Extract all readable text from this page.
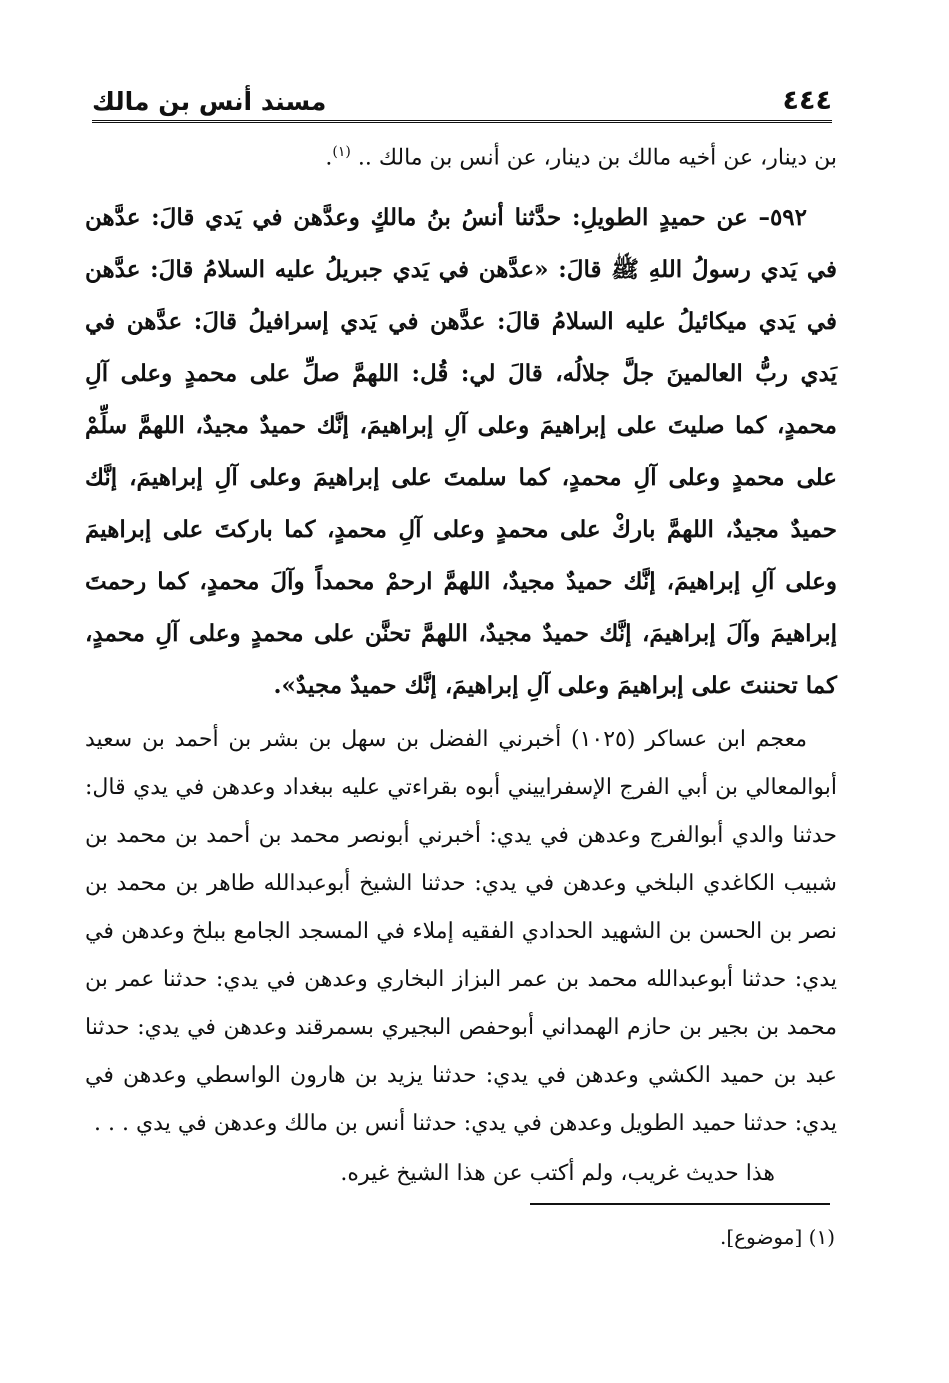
٤٤٤
مسند أنس بن مالك

بن دينار، عن أخيه مالك بن دينار، عن أنس بن مالك .. $^{(١)}$.

٥٩٢– عن حميدٍ الطويلِ: حدَّثنا أنسُ بنُ مالكٍ وعدَّهن في يَدي قالَ: عدَّهن في يَدي رسولُ اللهِ ﷺ قالَ: «عدَّهن في يَدي جبريلُ عليه السلامُ قالَ: عدَّهن في يَدي ميكائيلُ عليه السلامُ قالَ: عدَّهن في يَدي إسرافيلُ قالَ: عدَّهن في يَدي ربُّ العالمينَ جلَّ جلالُه، قالَ لي: قُل: اللهمَّ صلِّ على محمدٍ وعلى آلِ محمدٍ، كما صليتَ على إبراهيمَ وعلى آلِ إبراهيمَ، إنَّك حميدٌ مجيدٌ، اللهمَّ سلِّمْ على محمدٍ وعلى آلِ محمدٍ، كما سلمتَ على إبراهيمَ وعلى آلِ إبراهيمَ، إنَّك حميدٌ مجيدٌ، اللهمَّ باركْ على محمدٍ وعلى آلِ محمدٍ، كما باركتَ على إبراهيمَ وعلى آلِ إبراهيمَ، إنَّك حميدٌ مجيدٌ، اللهمَّ ارحمْ محمداً وآلَ محمدٍ، كما رحمتَ إبراهيمَ وآلَ إبراهيمَ، إنَّك حميدٌ مجيدٌ، اللهمَّ تحنَّن على محمدٍ وعلى آلِ محمدٍ، كما تحننتَ على إبراهيمَ وعلى آلِ إبراهيمَ، إنَّك حميدٌ مجيدٌ».

معجم ابن عساكر (١٠٢٥) أخبرني الفضل بن سهل بن بشر بن أحمد بن سعيد أبوالمعالي بن أبي الفرج الإسفراييني أبوه بقراءتي عليه ببغداد وعدهن في يدي قال: حدثنا والدي أبوالفرج وعدهن في يدي: أخبرني أبونصر محمد بن أحمد بن محمد بن شبيب الكاغدي البلخي وعدهن في يدي: حدثنا الشيخ أبوعبدالله طاهر بن محمد بن نصر بن الحسن بن الشهيد الحدادي الفقيه إملاء في المسجد الجامع ببلخ وعدهن في يدي: حدثنا أبوعبدالله محمد بن عمر البزاز البخاري وعدهن في يدي: حدثنا عمر بن محمد بن بجير بن حازم الهمداني أبوحفص البجيري بسمرقند وعدهن في يدي: حدثنا عبد بن حميد الكشي وعدهن في يدي: حدثنا يزيد بن هارون الواسطي وعدهن في يدي: حدثنا حميد الطويل وعدهن في يدي: حدثنا أنس بن مالك وعدهن في يدي . . .

هذا حديث غريب، ولم أكتب عن هذا الشيخ غيره.

(١) [موضوع].
